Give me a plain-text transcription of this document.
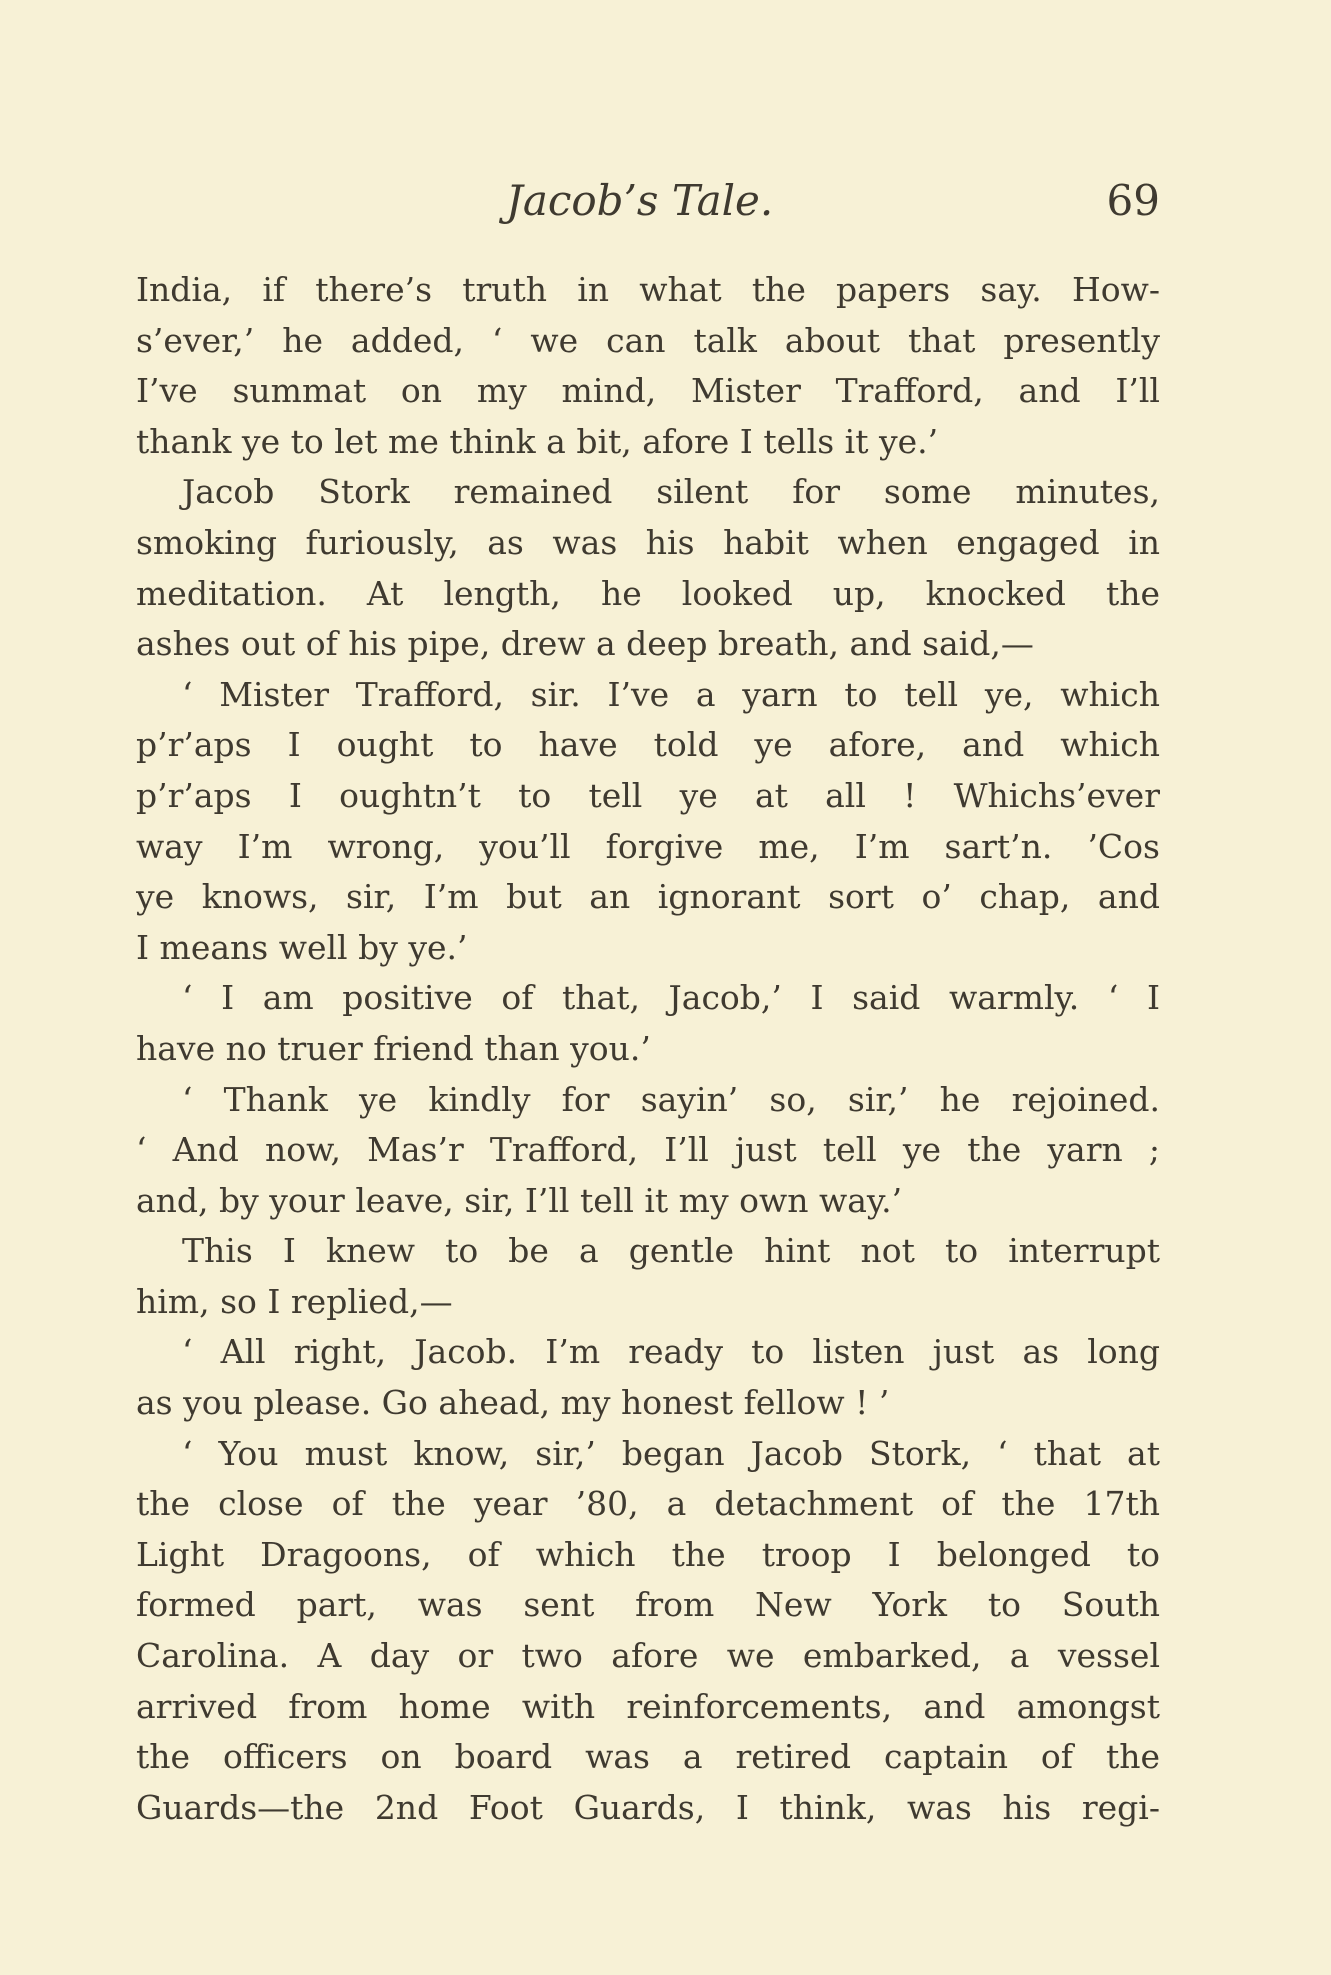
Jacob’s Tale.	69
India, if there’s truth in what the papers say. How-
s’ever,’ he added, ‘ we can talk about that presently
I’ve summat on my mind, Mister Trafford, and I’ll
thank ye to let me think a bit, afore I tells it ye.’
Jacob Stork remained silent for some minutes,
smoking furiously, as was his habit when engaged in
meditation. At length, he looked up, knocked the
ashes out of his pipe, drew a deep breath, and said,—
‘ Mister Trafford, sir. I’ve a yarn to tell ye, which
p’r’aps I ought to have told ye afore, and which
p’r’aps I oughtn’t to tell ye at all ! Whichs’ever
way I’m wrong, you’ll forgive me, I’m sart’n. ’Cos
ye knows, sir, I’m but an ignorant sort o’ chap, and
I means well by ye.’
‘ I am positive of that, Jacob,’ I said warmly. ‘ I
have no truer friend than you.’
‘ Thank ye kindly for sayin’ so, sir,’ he rejoined.
‘ And now, Mas’r Trafford, I’ll just tell ye the yarn ;
and, by your leave, sir, I’ll tell it my own way.’
This I knew to be a gentle hint not to interrupt
him, so I replied,—
‘ All right, Jacob. I’m ready to listen just as long
as you please. Go ahead, my honest fellow ! ’
‘ You must know, sir,’ began Jacob Stork, ‘ that at
the close of the year ’80, a detachment of the 17th
Light Dragoons, of which the troop I belonged to
formed part, was sent from New York to South
Carolina. A day or two afore we embarked, a vessel
arrived from home with reinforcements, and amongst
the officers on board was a retired captain of the
Guards—the 2nd Foot Guards, I think, was his regi-
